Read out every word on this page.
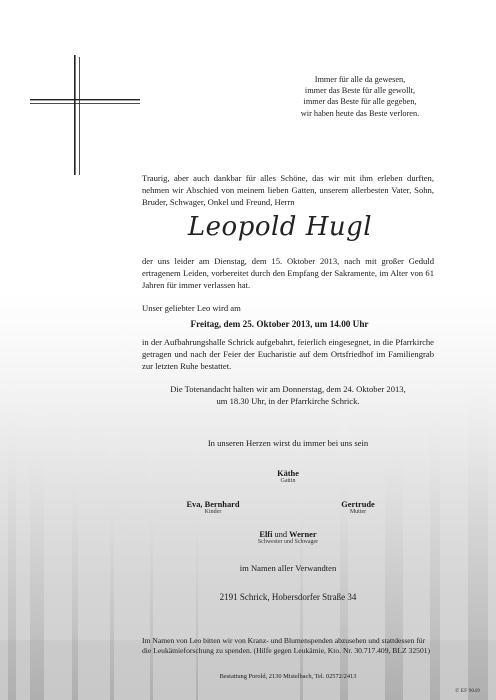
Immer für alle da gewesen,
immer das Beste für alle gewollt,
immer das Beste für alle gegeben,
wir haben heute das Beste verloren.
Traurig, aber auch dankbar für alles Schöne, das wir mit ihm erleben durften, nehmen wir Abschied von meinem lieben Gatten, unserem allerbesten Vater, Sohn, Bruder, Schwager, Onkel und Freund, Herrn
Leopold Hugl
der uns leider am Dienstag, dem 15. Oktober 2013, nach mit großer Geduld ertragenem Leiden, vorbereitet durch den Empfang der Sakramente, im Alter von 61 Jahren für immer verlassen hat.
Unser geliebter Leo wird am
Freitag, dem 25. Oktober 2013, um 14.00 Uhr
in der Aufbahrungshalle Schrick aufgebahrt, feierlich eingesegnet, in die Pfarrkirche getragen und nach der Feier der Eucharistie auf dem Ortsfriedhof im Familiengrab zur letzten Ruhe bestattet.
Die Totenandacht halten wir am Donnerstag, dem 24. Oktober 2013,
um 18.30 Uhr, in der Pfarrkirche Schrick.
In unseren Herzen wirst du immer bei uns sein
Käthe
Gattin
Eva, Bernhard
Kinder
Gertrude
Mutter
Elfi und Werner
Schwester und Schwager
im Namen aller Verwandten
2191 Schrick, Hobersdorfer Straße 34
Im Namen von Leo bitten wir von Kranz- und Blumenspenden abzusehen und stattdessen für
die Leukämieforschung zu spenden. (Hilfe gegen Leukämie, Kto. Nr. 30.717.409, BLZ 32501)
Bestattung Porold, 2130 Mistelbach, Tel. 02572/2413
© EF 9049
